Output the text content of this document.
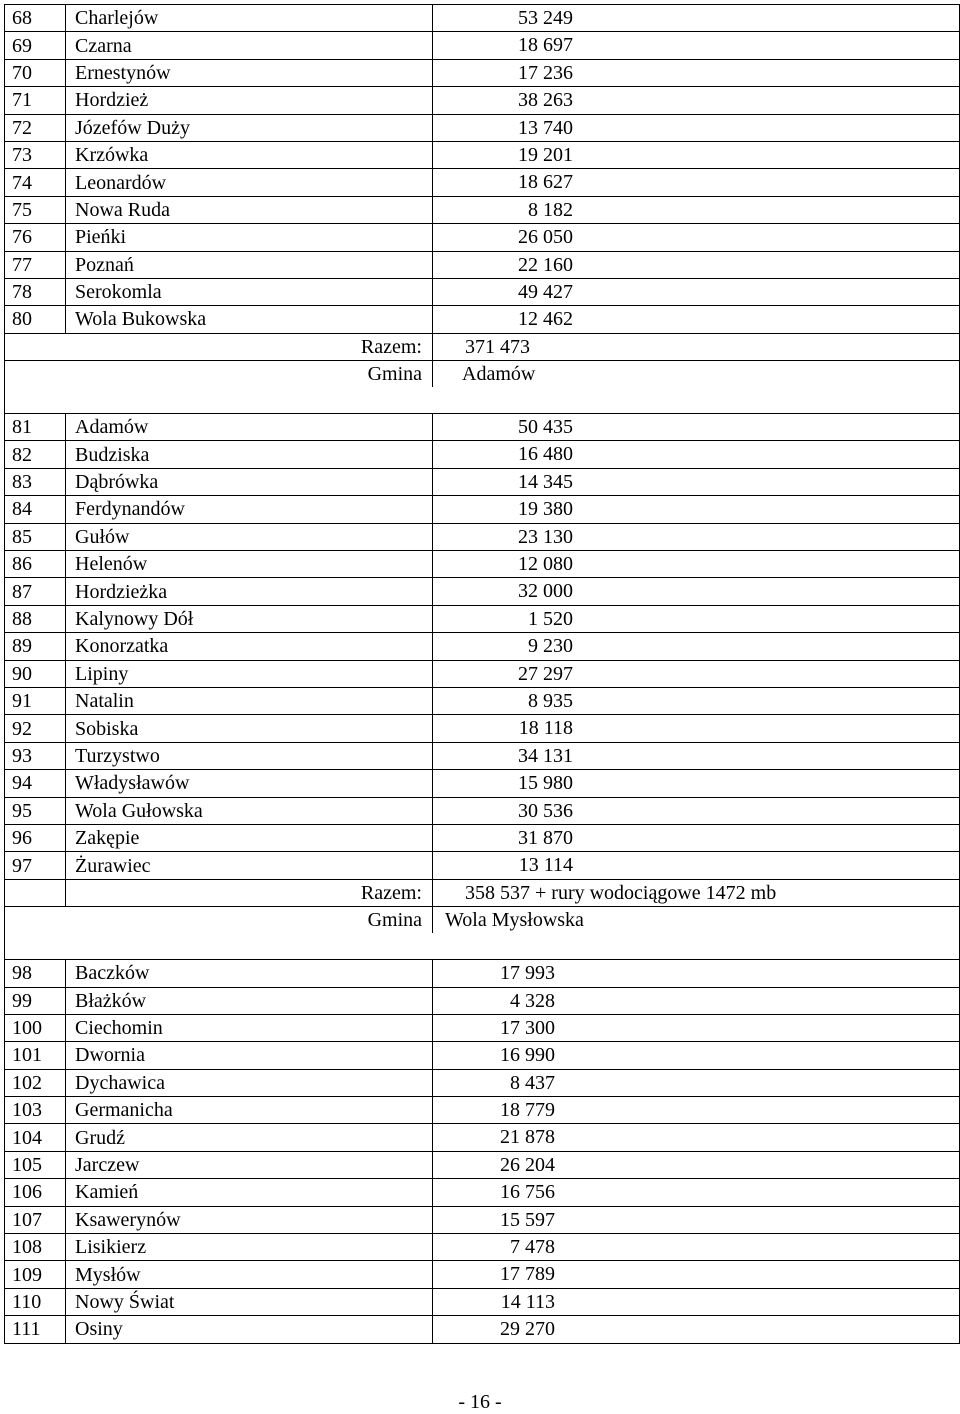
68	Charlejów	53 249

69	Czarna	18 697

70	Ernestynów	17 236

71	Hordzież	38 263

72	Józefów Duży	13 740

73	Krzówka	19 201

74	Leonardów	18 627

75	Nowa Ruda	8 182

76	Pieńki	26 050

77	Poznań	22 160

78	Serokomla	49 427

80	Wola Bukowska	12 462

Razem:		371 473

Gmina		Adamów

81	Adamów	50 435

82	Budziska	16 480

83	Dąbrówka	14 345

84	Ferdynandów	19 380

85	Gułów	23 130

86	Helenów	12 080

87	Hordzieżka	32 000

88	Kalynowy Dół	1 520

89	Konorzatka	9 230

90	Lipiny	27 297

91	Natalin	8 935

92	Sobiska	18 118

93	Turzystwo	34 131

94	Władysławów	15 980

95	Wola Gułowska	30 536

96	Zakępie	31 870

97	Żurawiec	13 114

	Razem:	358 537 + rury wodociągowe 1472 mb

Gmina		Wola Mysłowska

98	Baczków	17 993

99	Błażków	4 328

100	Ciechomin	17 300

101	Dwornia	16 990

102	Dychawica	8 437

103	Germanicha	18 779

104	Grudź	21 878

105	Jarczew	26 204

106	Kamień	16 756

107	Ksawerynów	15 597

108	Lisikierz	7 478

109	Mysłów	17 789

110	Nowy Świat	14 113

111	Osiny	29 270
- 16 -
